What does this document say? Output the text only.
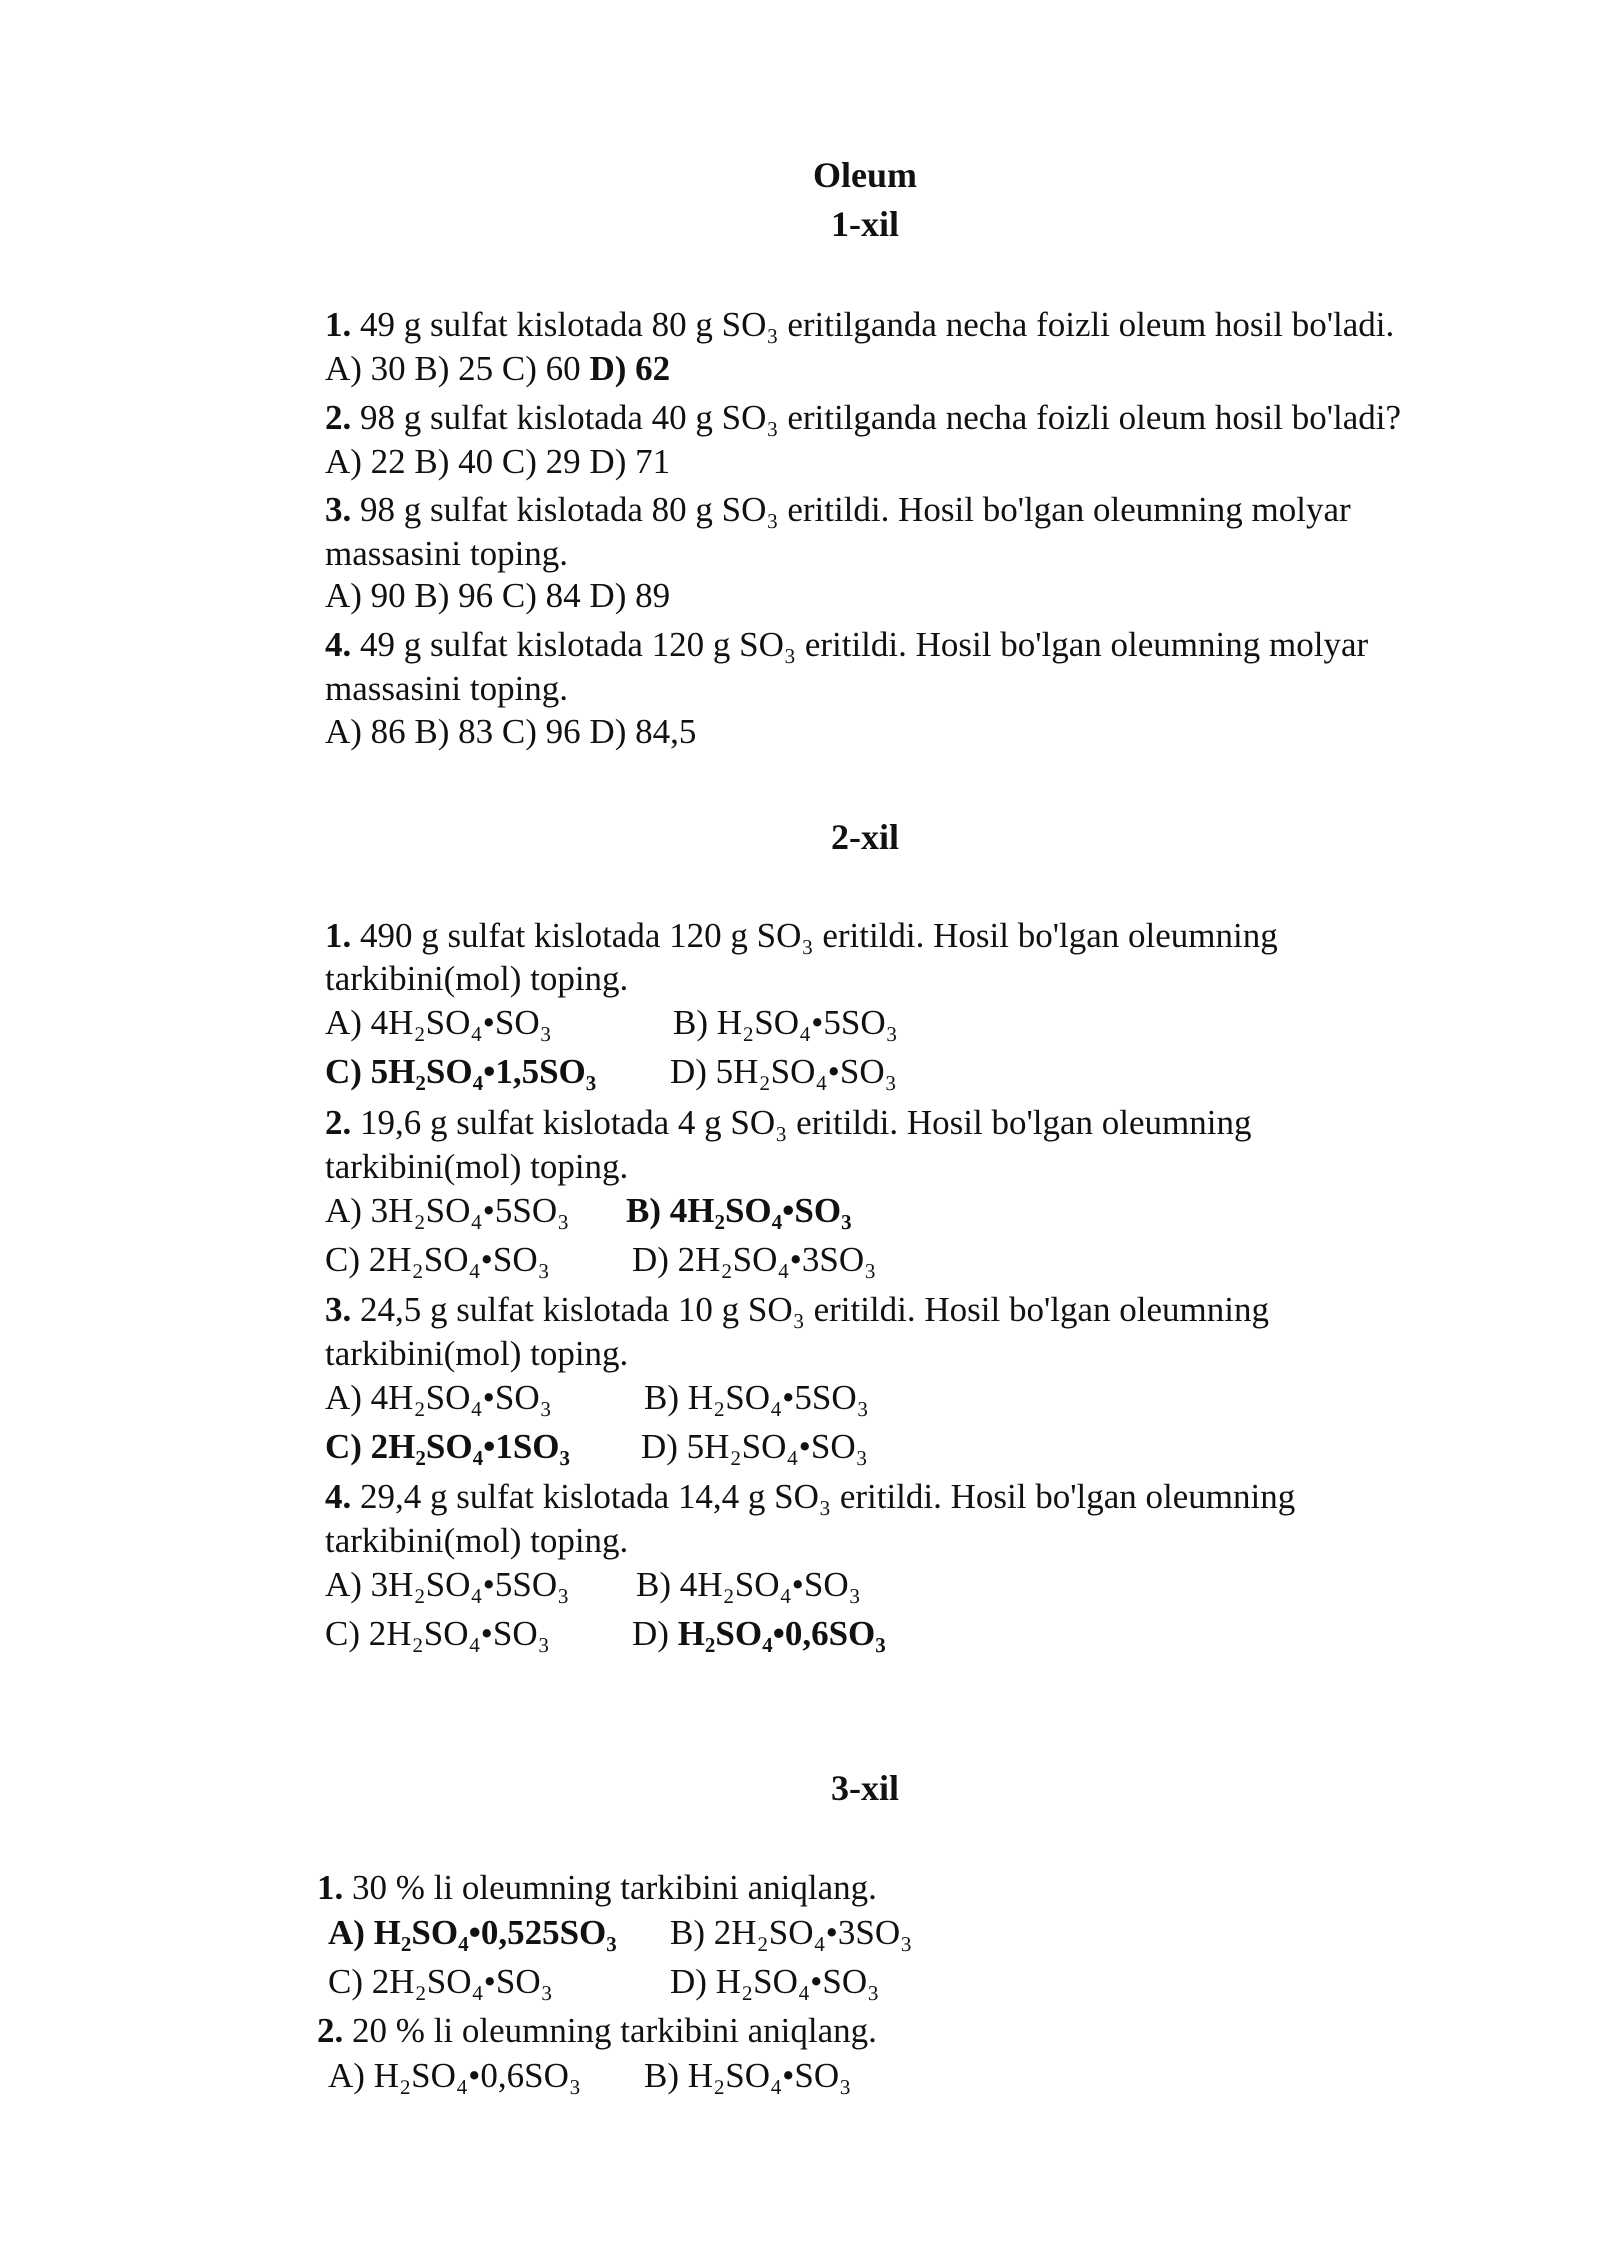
Oleum
1-xil
1. 49 g sulfat kislotada 80 g SO₃ eritilganda necha foizli oleum hosil bo'ladi.
A) 30 B) 25 C) 60 D) 62
2. 98 g sulfat kislotada 40 g SO₃ eritilganda necha foizli oleum hosil bo'ladi?
A) 22 B) 40 C) 29 D) 71
3. 98 g sulfat kislotada 80 g SO₃ eritildi. Hosil bo'lgan oleumning molyar
massasini toping.
A) 90 B) 96 C) 84 D) 89
4. 49 g sulfat kislotada 120 g SO₃ eritildi. Hosil bo'lgan oleumning molyar
massasini toping.
A) 86 B) 83 C) 96 D) 84,5
2-xil
1. 490 g sulfat kislotada 120 g SO₃ eritildi. Hosil bo'lgan oleumning
tarkibini(mol) toping.
A) 4H₂SO₄•SO₃	B) H₂SO₄•5SO₃
C) 5H₂SO₄•1,5SO₃ D) 5H₂SO₄•SO₃
2. 19,6 g sulfat kislotada 4 g SO₃ eritildi. Hosil bo'lgan oleumning
tarkibini(mol) toping.
A) 3H₂SO₄•5SO₃ B) 4H₂SO₄•SO₃
C) 2H₂SO₄•SO₃ D) 2H₂SO₄•3SO₃
3. 24,5 g sulfat kislotada 10 g SO₃ eritildi. Hosil bo'lgan oleumning
tarkibini(mol) toping.
A) 4H₂SO₄•SO₃	B) H₂SO₄•5SO₃
C) 2H₂SO₄•1SO₃ D) 5H₂SO₄•SO₃
4. 29,4 g sulfat kislotada 14,4 g SO₃ eritildi. Hosil bo'lgan oleumning
tarkibini(mol) toping.
A) 3H₂SO₄•5SO₃ B) 4H₂SO₄•SO₃
C) 2H₂SO₄•SO₃ D) H₂SO₄•0,6SO₃
3-xil
1. 30 % li oleumning tarkibini aniqlang.
A) H₂SO₄•0,525SO₃ B) 2H₂SO₄•3SO₃
C) 2H₂SO₄•SO₃	D) H₂SO₄•SO₃
2. 20 % li oleumning tarkibini aniqlang.
A) H₂SO₄•0,6SO₃ B) H₂SO₄•SO₃
